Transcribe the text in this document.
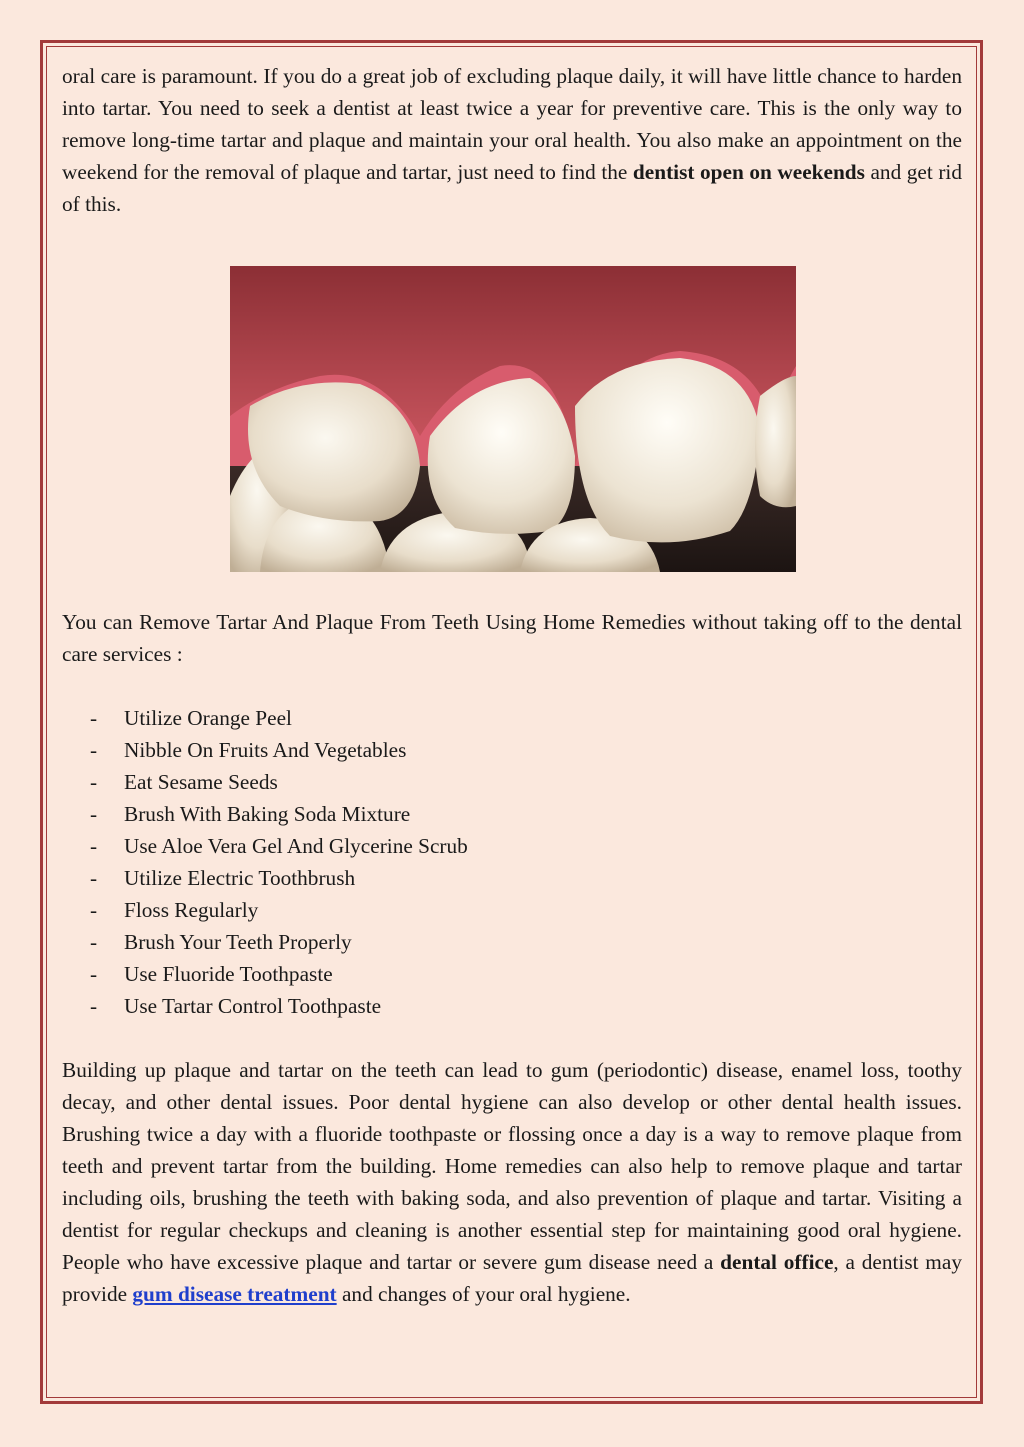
oral care is paramount. If you do a great job of excluding plaque daily, it will have little chance to harden into tartar. You need to seek a dentist at least twice a year for preventive care. This is the only way to remove long-time tartar and plaque and maintain your oral health. You also make an appointment on the weekend for the removal of plaque and tartar, just need to find the dentist open on weekends and get rid of this.

You can Remove Tartar And Plaque From Teeth Using Home Remedies without taking off to the dental care services :

- Utilize Orange Peel
- Nibble On Fruits And Vegetables
- Eat Sesame Seeds
- Brush With Baking Soda Mixture
- Use Aloe Vera Gel And Glycerine Scrub
- Utilize Electric Toothbrush
- Floss Regularly
- Brush Your Teeth Properly
- Use Fluoride Toothpaste
- Use Tartar Control Toothpaste

Building up plaque and tartar on the teeth can lead to gum (periodontic) disease, enamel loss, toothy decay, and other dental issues. Poor dental hygiene can also develop or other dental health issues. Brushing twice a day with a fluoride toothpaste or flossing once a day is a way to remove plaque from teeth and prevent tartar from the building. Home remedies can also help to remove plaque and tartar including oils, brushing the teeth with baking soda, and also prevention of plaque and tartar. Visiting a dentist for regular checkups and cleaning is another essential step for maintaining good oral hygiene. People who have excessive plaque and tartar or severe gum disease need a dental office, a dentist may provide gum disease treatment and changes of your oral hygiene.
